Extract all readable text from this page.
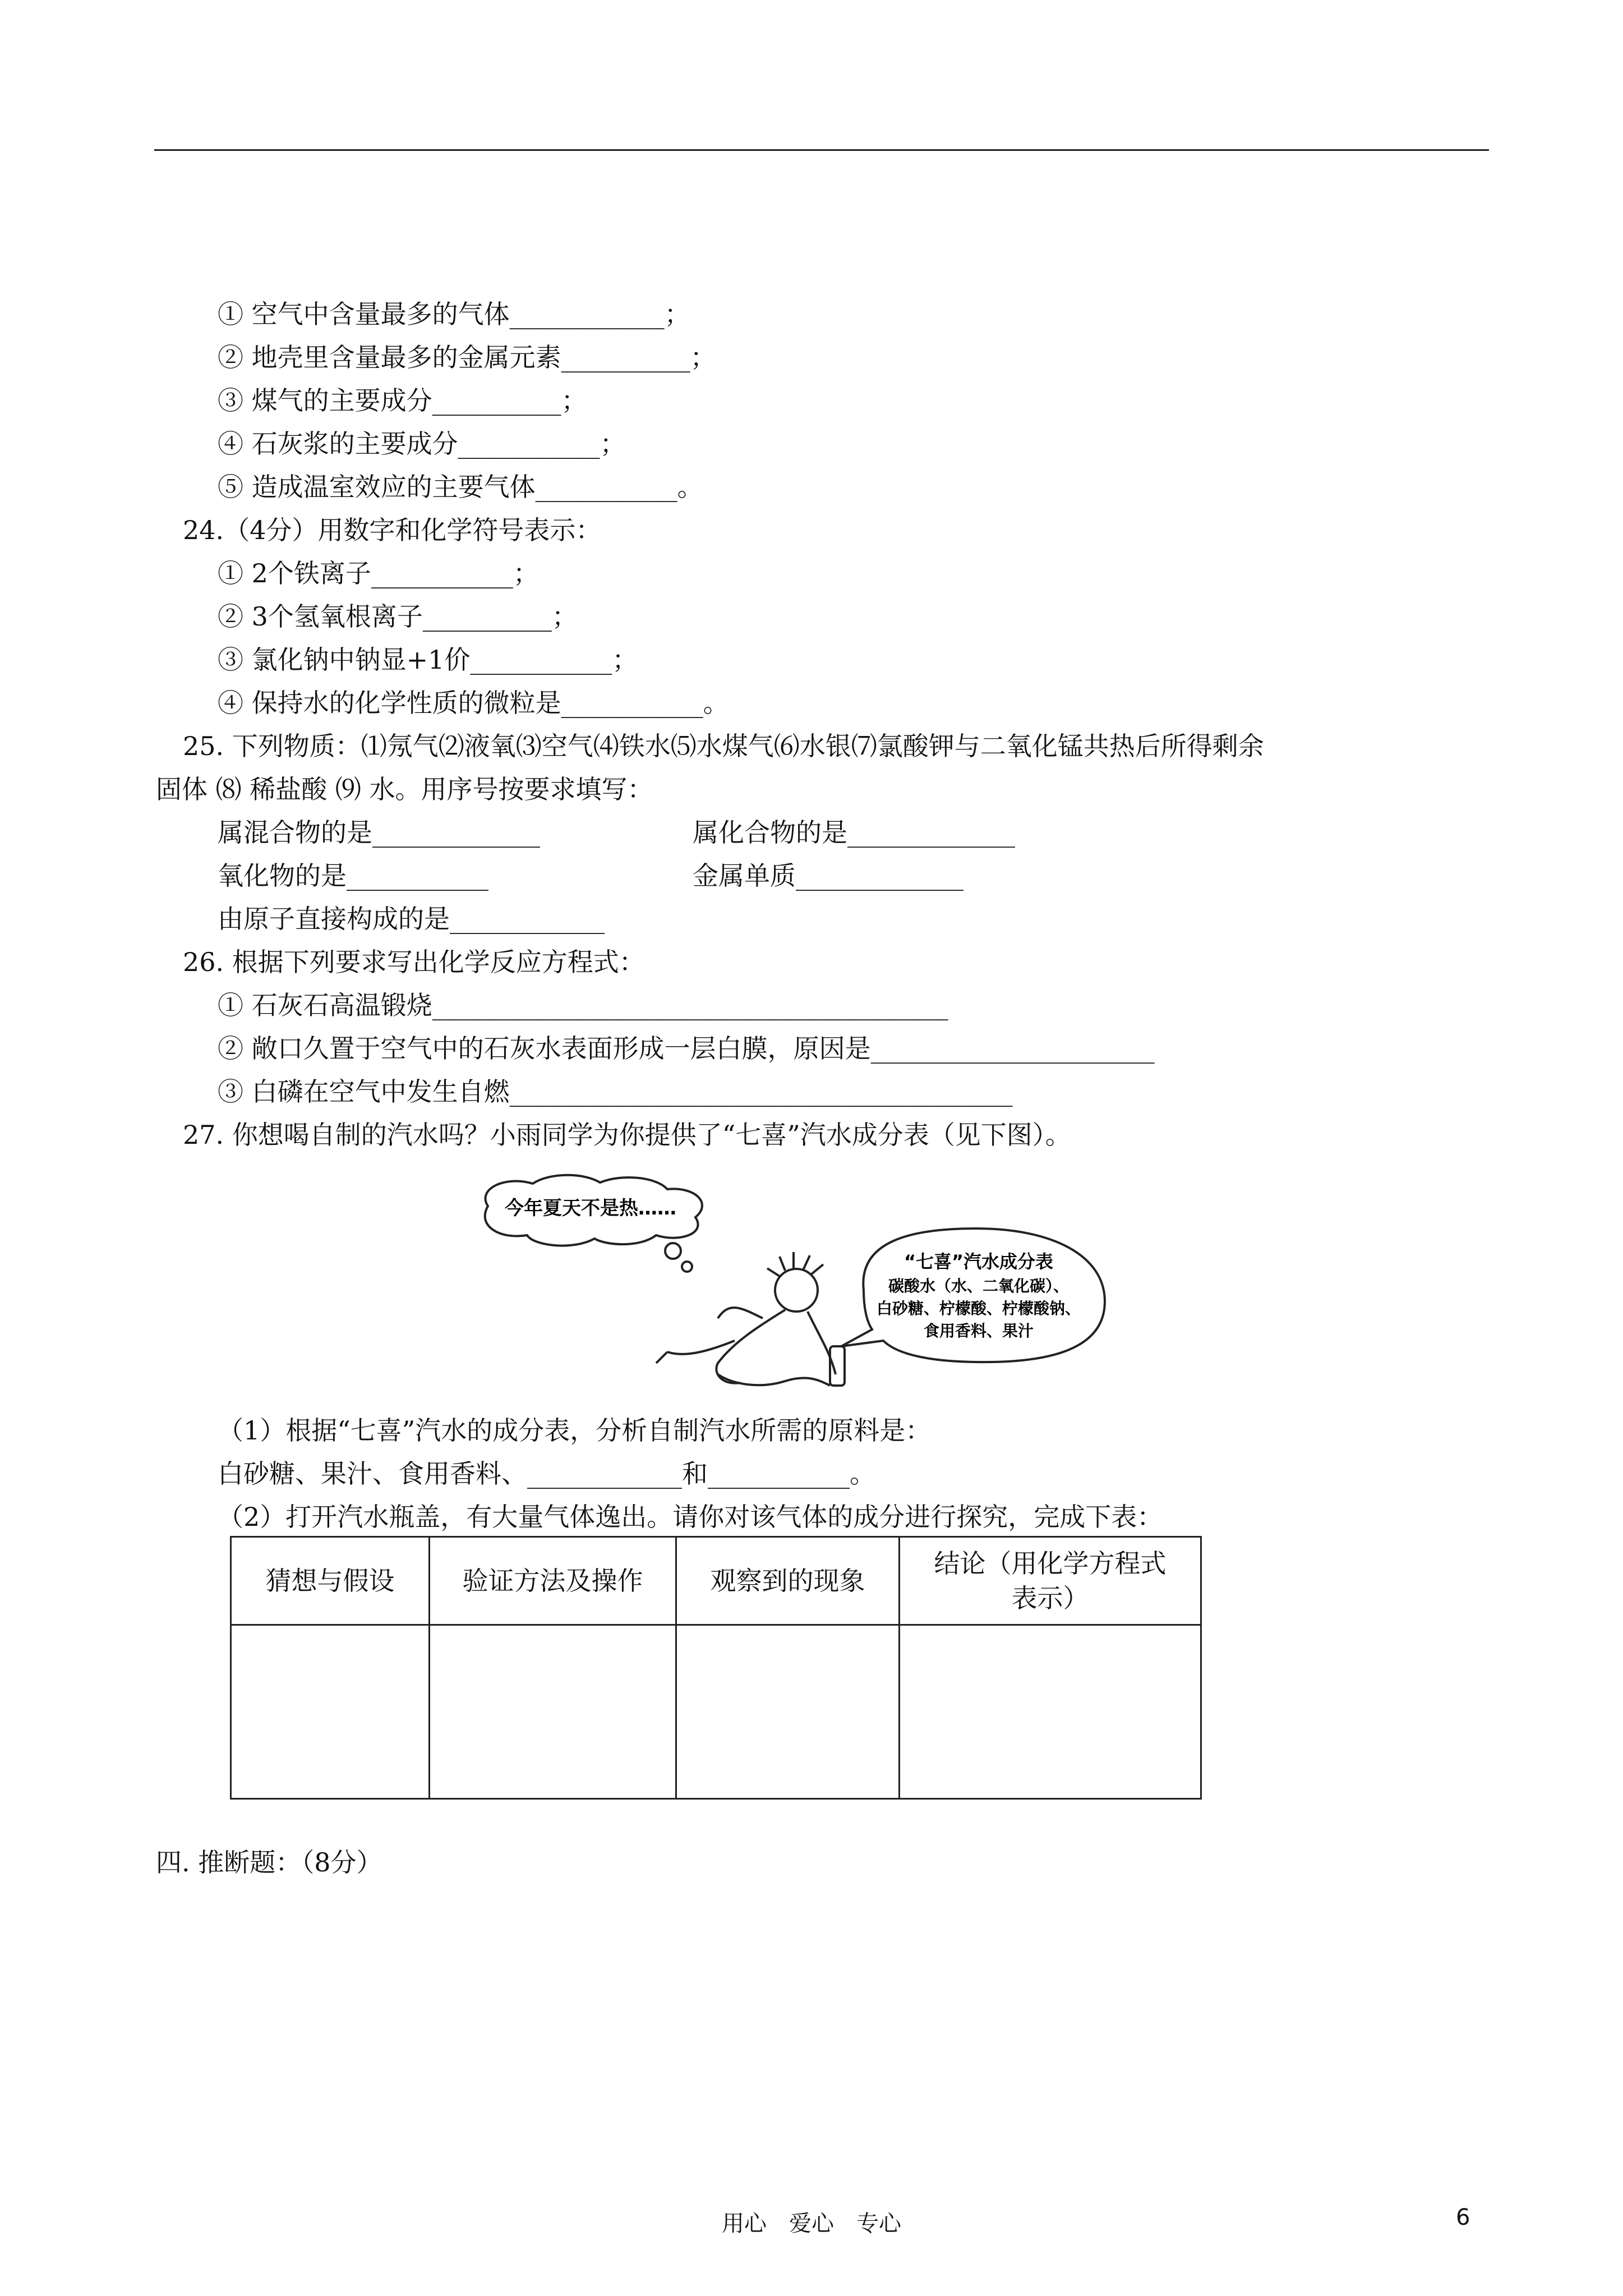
① 空气中含量最多的气体____________；
② 地壳里含量最多的金属元素__________；
③ 煤气的主要成分__________；
④ 石灰浆的主要成分___________；
⑤ 造成温室效应的主要气体___________。
24.（4分）用数字和化学符号表示：
① 2个铁离子___________；
② 3个氢氧根离子__________；
③ 氯化钠中钠显+1价___________；
④ 保持水的化学性质的微粒是___________。
25. 下列物质：⑴氖气⑵液氧⑶空气⑷铁水⑸水煤气⑹水银⑺氯酸钾与二氧化锰共热后所得剩余
固体 ⑻ 稀盐酸 ⑼ 水。用序号按要求填写：
属混合物的是_____________	属化合物的是_____________
氧化物的是___________	金属单质_____________
由原子直接构成的是____________
26. 根据下列要求写出化学反应方程式：
① 石灰石高温锻烧________________________________________
② 敞口久置于空气中的石灰水表面形成一层白膜，原因是______________________
③ 白磷在空气中发生自燃_______________________________________
27. 你想喝自制的汽水吗？小雨同学为你提供了“七喜”汽水成分表（见下图）。
今年夏天不是热……
“七喜”汽水成分表
碳酸水（水、二氧化碳）、
白砂糖、柠檬酸、柠檬酸钠、
食用香料、果汁
（1）根据“七喜”汽水的成分表，分析自制汽水所需的原料是：
白砂糖、果汁、食用香料、____________和___________。
（2）打开汽水瓶盖，有大量气体逸出。请你对该气体的成分进行探究，完成下表：
猜想与假设	验证方法及操作	观察到的现象	结论（用化学方程式表示）

四. 推断题：（8分）
用心　爱心　专心	6
